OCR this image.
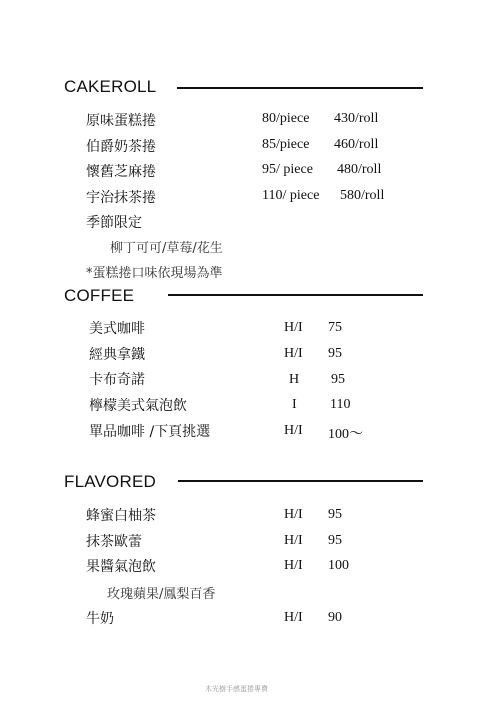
CAKEROLL
原味蛋糕捲	80/piece 430/roll
伯爵奶茶捲	85/piece 460/roll
懷舊芝麻捲	95/ piece 480/roll
宇治抹茶捲	110/ piece 580/roll
季節限定
柳丁可可/草莓/花生
*蛋糕捲口味依現場為準
COFFEE
美式咖啡	H/I 75
經典拿鐵	H/I 95
卡布奇諾	H 95
檸檬美式氣泡飲	I 110
單品咖啡 /下頁挑選	H/I 100～
FLAVORED
蜂蜜白柚茶	H/I 95
抹茶歐蕾	H/I 95
果醬氣泡飲	H/I 100
玫瑰蘋果/鳳梨百香
牛奶	H/I 90
木光樹手感蛋捲專賣
